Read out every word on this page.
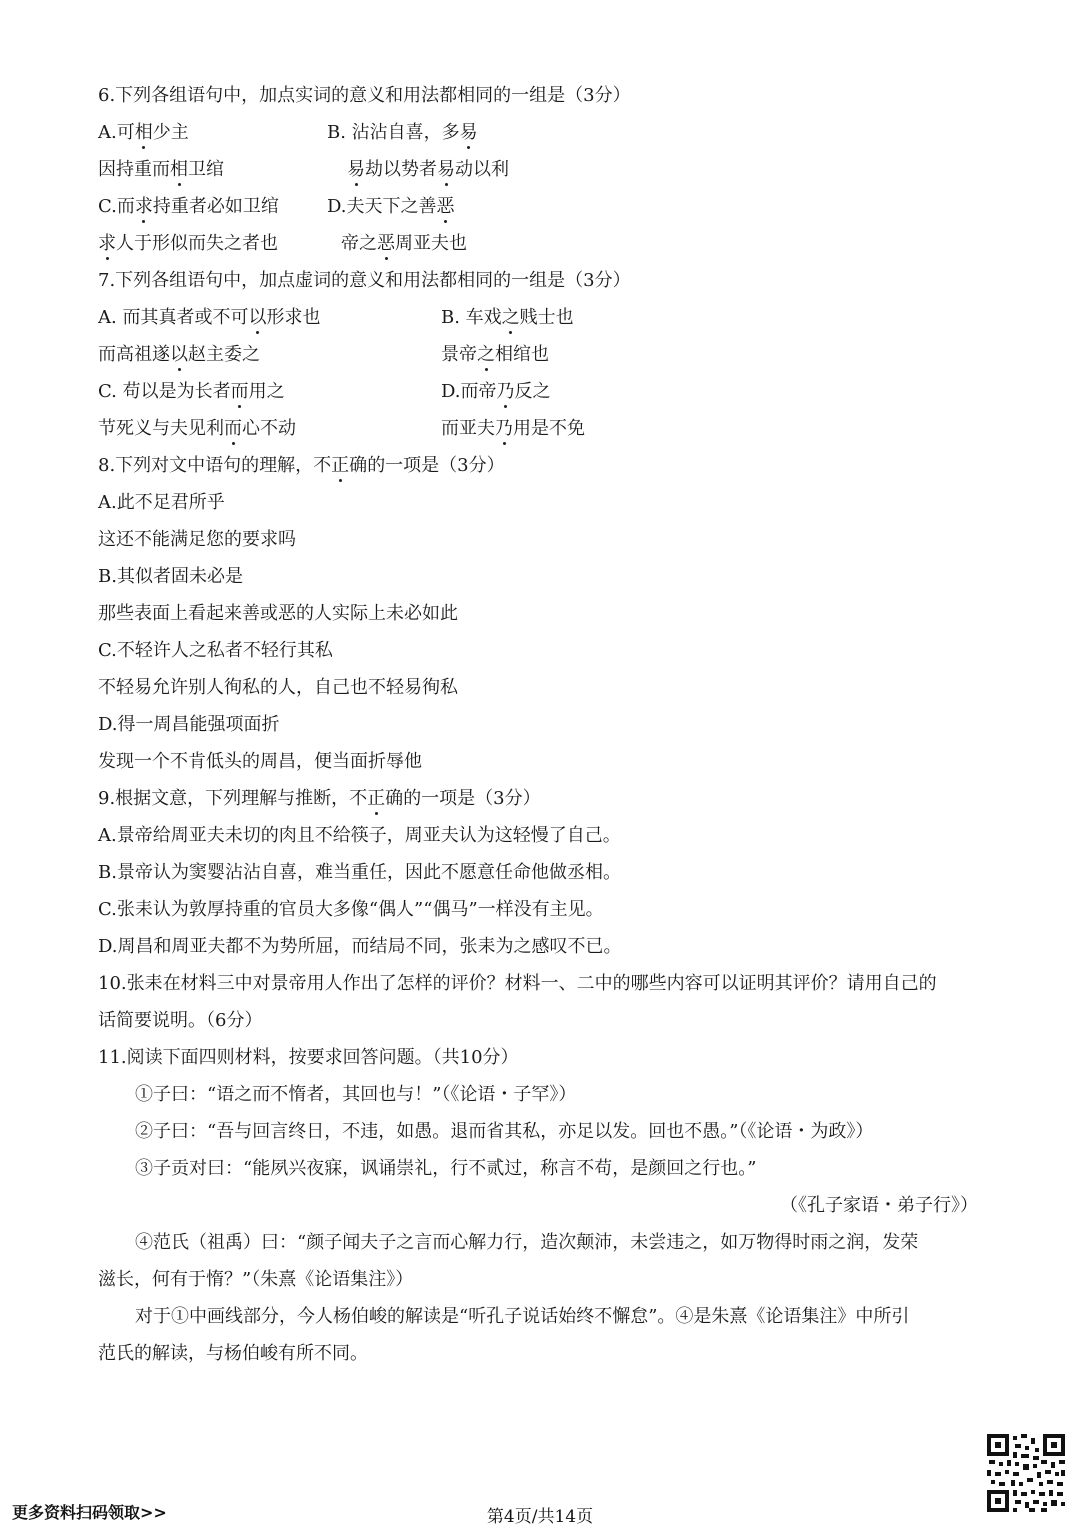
6.下列各组语句中，加点实词的意义和用法都相同的一组是（3分）
A.可相少主	B. 沾沾自喜，多易
因持重而相卫绾	易劫以势者易动以利
C.而求持重者必如卫绾	D.夫天下之善恶
求人于形似而失之者也	帝之恶周亚夫也
7.下列各组语句中，加点虚词的意义和用法都相同的一组是（3分）
A. 而其真者或不可以形求也	B. 车戏之贱士也
而高祖遂以赵主委之	景帝之相绾也
C. 苟以是为长者而用之	D.而帝乃反之
节死义与夫见利而心不动	而亚夫乃用是不免
8.下列对文中语句的理解，不正确的一项是（3分）
A.此不足君所乎
这还不能满足您的要求吗
B.其似者固未必是
那些表面上看起来善或恶的人实际上未必如此
C.不轻许人之私者不轻行其私
不轻易允许别人徇私的人，自己也不轻易徇私
D.得一周昌能强项面折
发现一个不肯低头的周昌，便当面折辱他
9.根据文意，下列理解与推断，不正确的一项是（3分）
A.景帝给周亚夫未切的肉且不给筷子，周亚夫认为这轻慢了自己。
B.景帝认为窦婴沾沾自喜，难当重任，因此不愿意任命他做丞相。
C.张耒认为敦厚持重的官员大多像“偶人”“偶马”一样没有主见。
D.周昌和周亚夫都不为势所屈，而结局不同，张耒为之感叹不已。
10.张耒在材料三中对景帝用人作出了怎样的评价？材料一、二中的哪些内容可以证明其评价？请用自己的
话简要说明。（6分）
11.阅读下面四则材料，按要求回答问题。（共10分）
①子曰：“语之而不惰者，其回也与！”（《论语・子罕》）
②子曰：“吾与回言终日，不违，如愚。退而省其私，亦足以发。回也不愚。”（《论语・为政》）
③子贡对曰：“能夙兴夜寐，讽诵崇礼，行不贰过，称言不苟，是颜回之行也。”
（《孔子家语・弟子行》）
④范氏（祖禹）曰：“颜子闻夫子之言而心解力行，造次颠沛，未尝违之，如万物得时雨之润，发荣
滋长，何有于惰？”（朱熹《论语集注》）
对于①中画线部分，今人杨伯峻的解读是“听孔子说话始终不懈怠”。④是朱熹《论语集注》中所引
范氏的解读，与杨伯峻有所不同。
更多资料扫码领取>>	第4页/共14页
